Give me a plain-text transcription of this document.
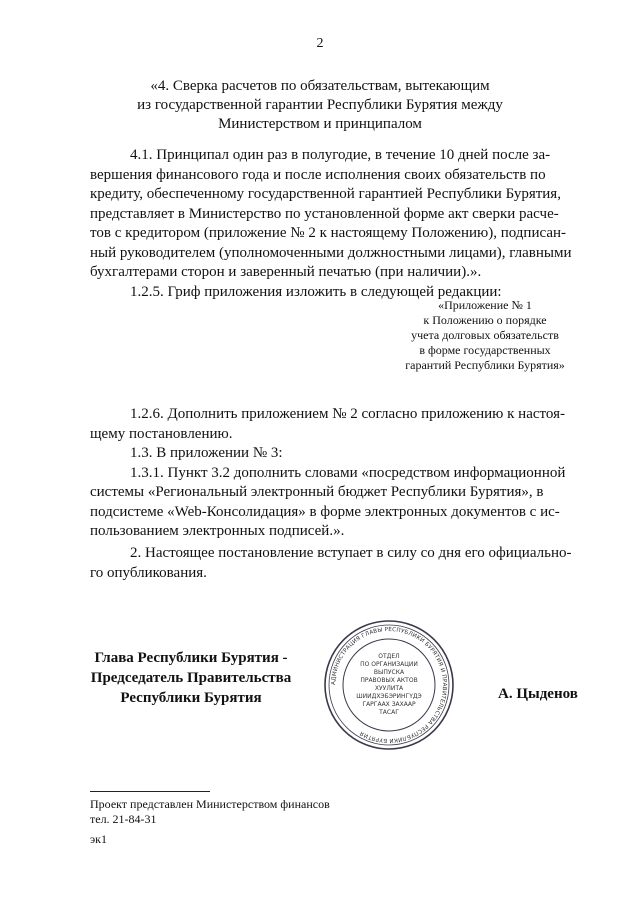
2
«4. Сверка расчетов по обязательствам, вытекающим
из государственной гарантии Республики Бурятия между
Министерством и принципалом
4.1. Принципал один раз в полугодие, в течение 10 дней после за-
вершения финансового года и после исполнения своих обязательств по
кредиту, обеспеченному государственной гарантией Республики Бурятия,
представляет в Министерство по установленной форме акт сверки расче-
тов с кредитором (приложение № 2 к настоящему Положению), подписан-
ный руководителем (уполномоченными должностными лицами), главными
бухгалтерами сторон и заверенный печатью (при наличии).».
1.2.5. Гриф приложения изложить в следующей редакции:
«Приложение № 1
к Положению о порядке
учета долговых обязательств
в форме государственных
гарантий Республики Бурятия»
1.2.6. Дополнить приложением № 2 согласно приложению к настоя-
щему постановлению.
1.3. В приложении № 3:
1.3.1. Пункт 3.2 дополнить словами «посредством информационной
системы «Региональный электронный бюджет Республики Бурятия», в
подсистеме «Web-Консолидация» в форме электронных документов с ис-
пользованием электронных подписей.».
2. Настоящее постановление вступает в силу со дня его официально-
го опубликования.
Глава Республики Бурятия -
Председатель Правительства
Республики Бурятия
АДМИНИСТРАЦИЯ ГЛАВЫ РЕСПУБЛИКИ БУРЯТИЯ И ПРАВИТЕЛЬСТВА РЕСПУБЛИКИ БУРЯТИЯ
ОТДЕЛ
ПО ОРГАНИЗАЦИИ
ВЫПУСКА
ПРАВОВЫХ АКТОВ
ХУУЛИТА
ШИИДХЭБЭРИНГҮДЭ
ГАРГААХ ЗАХААР
ТАСАГ
А. Цыденов
Проект представлен Министерством финансов
тел. 21-84-31
эк1
